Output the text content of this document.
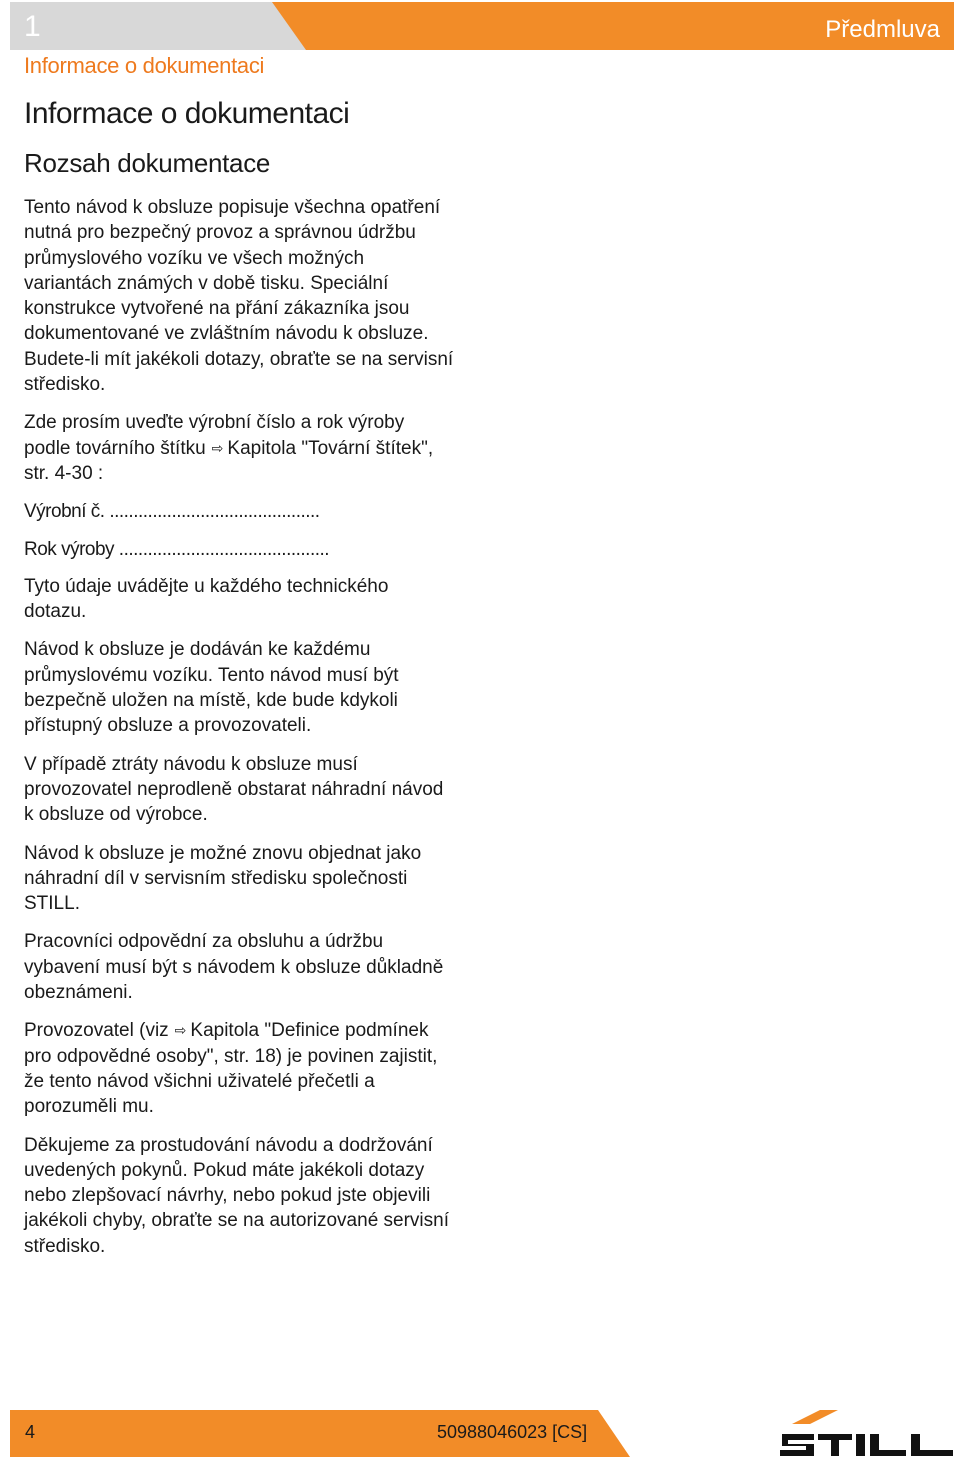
1	Předmluva
Informace o dokumentaci
Informace o dokumentaci
Rozsah dokumentace

Tento návod k obsluze popisuje všechna opatření nutná pro bezpečný provoz a správnou údržbu průmyslového vozíku ve všech možných variantách známých v době tisku. Speciální konstrukce vytvořené na přání zákazníka jsou dokumentované ve zvláštním návodu k obsluze. Budete-li mít jakékoli dotazy, obraťte se na servisní středisko.

Zde prosím uveďte výrobní číslo a rok výroby podle továrního štítku ⇨ Kapitola "Tovární štítek", str. 4-30 :

Výrobní č. ............................................

Rok výroby ............................................

Tyto údaje uvádějte u každého technického dotazu.

Návod k obsluze je dodáván ke každému průmyslovému vozíku. Tento návod musí být bezpečně uložen na místě, kde bude kdykoli přístupný obsluze a provozovateli.

V případě ztráty návodu k obsluze musí provozovatel neprodleně obstarat náhradní návod k obsluze od výrobce.

Návod k obsluze je možné znovu objednat jako náhradní díl v servisním středisku společnosti STILL.

Pracovníci odpovědní za obsluhu a údržbu vybavení musí být s návodem k obsluze důkladně obeznámeni.

Provozovatel (viz ⇨ Kapitola "Definice podmínek pro odpovědné osoby", str. 18) je povinen zajistit, že tento návod všichni uživatelé přečetli a porozuměli mu.

Děkujeme za prostudování návodu a dodržování uvedených pokynů. Pokud máte jakékoli dotazy nebo zlepšovací návrhy, nebo pokud jste objevili jakékoli chyby, obraťte se na autorizované servisní středisko.

4	50988046023 [CS]
